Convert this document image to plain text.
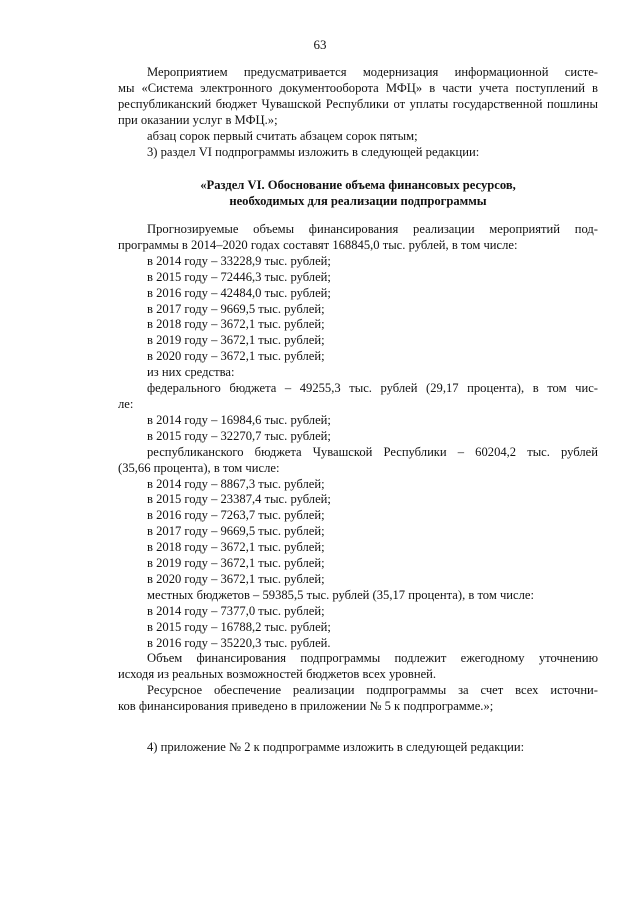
63

Мероприятием предусматривается модернизация информационной систе-

мы «Система электронного документооборота МФЦ» в части учета поступлений в республиканский бюджет Чувашской Республики от уплаты государственной пошлины при оказании услуг в МФЦ.»;

абзац сорок первый считать абзацем сорок пятым;

3) раздел VI подпрограммы изложить в следующей редакции:

«Раздел VI. Обоснование объема финансовых ресурсов,
необходимых для реализации подпрограммы

Прогнозируемые объемы финансирования реализации мероприятий под-

программы в 2014–2020 годах составят 168845,0 тыс. рублей, в том числе:

в 2014 году – 33228,9 тыс. рублей;

в 2015 году – 72446,3 тыс. рублей;

в 2016 году – 42484,0 тыс. рублей;

в 2017 году – 9669,5 тыс. рублей;

в 2018 году – 3672,1 тыс. рублей;

в 2019 году – 3672,1 тыс. рублей;

в 2020 году – 3672,1 тыс. рублей;

из них средства:

федерального бюджета – 49255,3 тыс. рублей (29,17 процента), в том чис-

ле:

в 2014 году – 16984,6 тыс. рублей;

в 2015 году – 32270,7 тыс. рублей;

республиканского бюджета Чувашской Республики – 60204,2 тыс. рублей

(35,66 процента), в том числе:

в 2014 году – 8867,3 тыс. рублей;

в 2015 году – 23387,4 тыс. рублей;

в 2016 году – 7263,7 тыс. рублей;

в 2017 году – 9669,5 тыс. рублей;

в 2018 году – 3672,1 тыс. рублей;

в 2019 году – 3672,1 тыс. рублей;

в 2020 году – 3672,1 тыс. рублей;

местных бюджетов – 59385,5 тыс. рублей (35,17 процента), в том числе:

в 2014 году – 7377,0 тыс. рублей;

в 2015 году – 16788,2 тыс. рублей;

в 2016 году – 35220,3 тыс. рублей.

Объем финансирования подпрограммы подлежит ежегодному уточнению

исходя из реальных возможностей бюджетов всех уровней.

Ресурсное обеспечение реализации подпрограммы за счет всех источни-

ков финансирования приведено в приложении № 5 к подпрограмме.»;

4) приложение № 2 к подпрограмме изложить в следующей редакции:
